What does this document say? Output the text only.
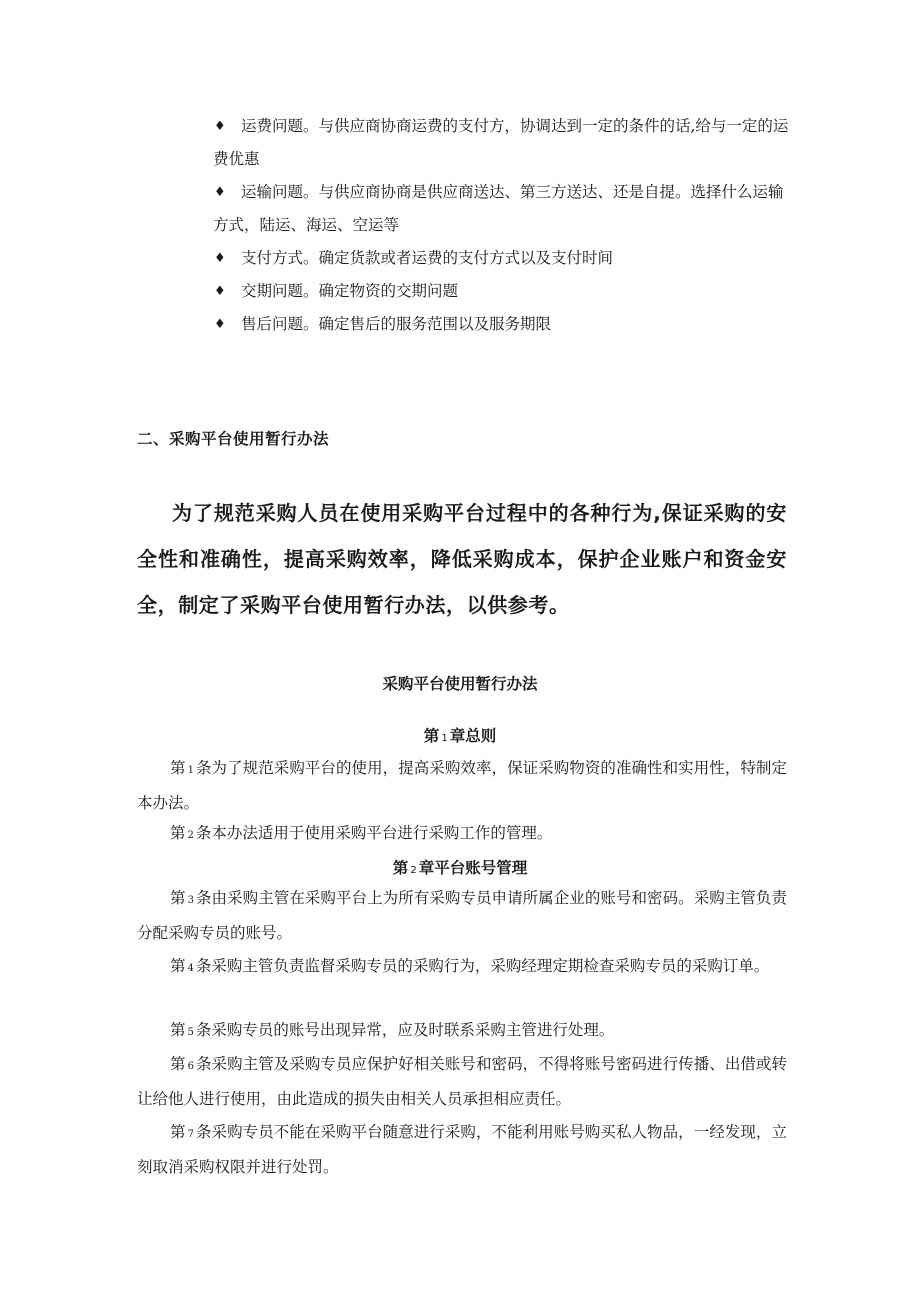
♦ 运费问题。与供应商协商运费的支付方，协调达到一定的条件的话,给与一定的运费优惠
♦ 运输问题。与供应商协商是供应商送达、第三方送达、还是自提。选择什么运输方式，陆运、海运、空运等
♦ 支付方式。确定货款或者运费的支付方式以及支付时间
♦ 交期问题。确定物资的交期问题
♦ 售后问题。确定售后的服务范围以及服务期限
二、采购平台使用暂行办法
为了规范采购人员在使用采购平台过程中的各种行为,保证采购的安全性和准确性，提高采购效率，降低采购成本，保护企业账户和资金安全，制定了采购平台使用暂行办法，以供参考。
采购平台使用暂行办法
第 1 章总则
第 1 条为了规范采购平台的使用，提高采购效率，保证采购物资的准确性和实用性，特制定本办法。
第 2 条本办法适用于使用采购平台进行采购工作的管理。
第 2 章平台账号管理
第 3 条由采购主管在采购平台上为所有采购专员申请所属企业的账号和密码。采购主管负责分配采购专员的账号。
第 4 条采购主管负责监督采购专员的采购行为，采购经理定期检查采购专员的采购订单。
第 5 条采购专员的账号出现异常，应及时联系采购主管进行处理。
第 6 条采购主管及采购专员应保护好相关账号和密码，不得将账号密码进行传播、出借或转让给他人进行使用，由此造成的损失由相关人员承担相应责任。
第 7 条采购专员不能在采购平台随意进行采购，不能利用账号购买私人物品，一经发现，立刻取消采购权限并进行处罚。
